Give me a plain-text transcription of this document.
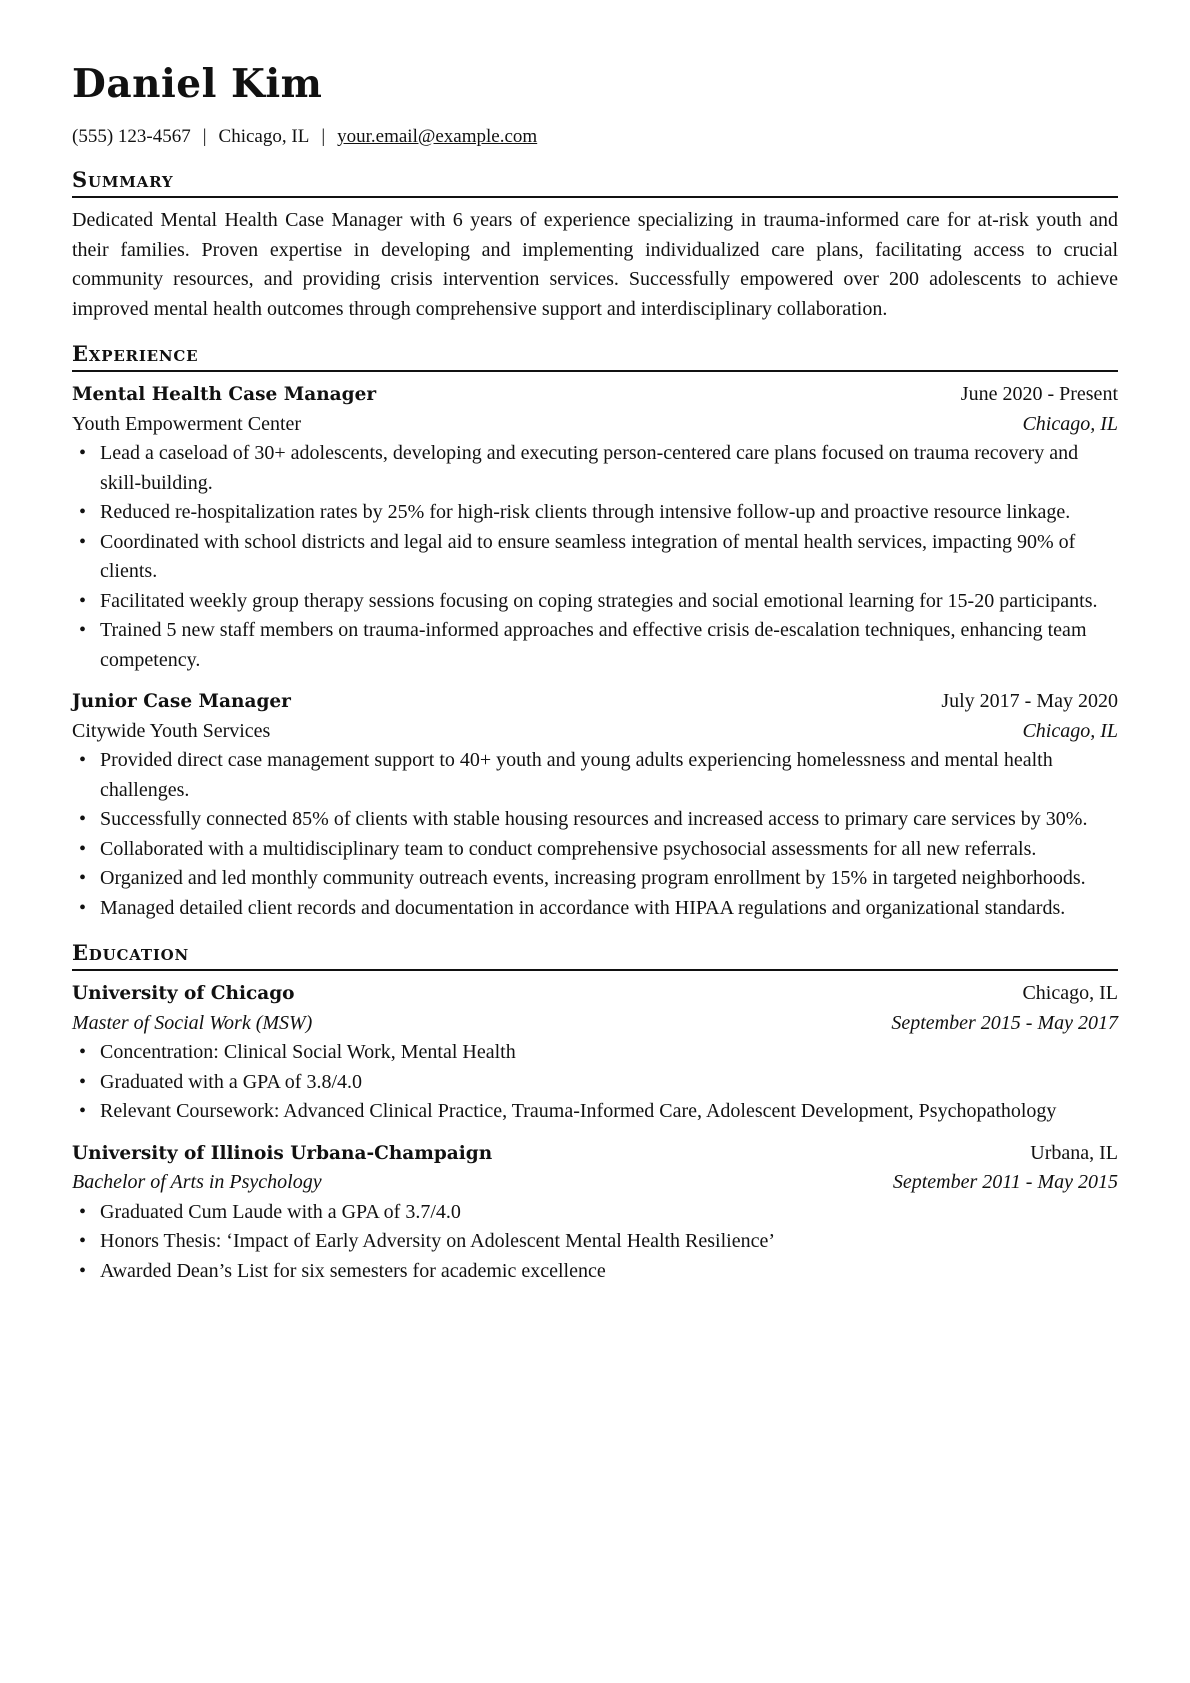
Daniel Kim
(555) 123-4567 | Chicago, IL | your.email@example.com
Summary

Dedicated Mental Health Case Manager with 6 years of experience specializing in trauma-informed care for at-risk youth and their families. Proven expertise in developing and implementing individualized care plans, facilitating access to crucial community resources, and providing crisis intervention services. Successfully empowered over 200 adolescents to achieve improved mental health outcomes through comprehensive support and interdisciplinary collaboration.

Experience
Mental Health Case Manager	June 2020 - Present
Youth Empowerment Center	Chicago, IL
• Lead a caseload of 30+ adolescents, developing and executing person-centered care plans focused on trauma recovery and skill-building.
• Reduced re-hospitalization rates by 25% for high-risk clients through intensive follow-up and proactive resource linkage.
• Coordinated with school districts and legal aid to ensure seamless integration of mental health services, impacting 90% of clients.
• Facilitated weekly group therapy sessions focusing on coping strategies and social emotional learning for 15-20 participants.
• Trained 5 new staff members on trauma-informed approaches and effective crisis de-escalation techniques, enhancing team competency.
Junior Case Manager	July 2017 - May 2020
Citywide Youth Services	Chicago, IL
• Provided direct case management support to 40+ youth and young adults experiencing homelessness and mental health challenges.
• Successfully connected 85% of clients with stable housing resources and increased access to primary care services by 30%.
• Collaborated with a multidisciplinary team to conduct comprehensive psychosocial assessments for all new referrals.
• Organized and led monthly community outreach events, increasing program enrollment by 15% in targeted neighborhoods.
• Managed detailed client records and documentation in accordance with HIPAA regulations and organizational standards.
Education
University of Chicago	Chicago, IL
Master of Social Work (MSW)	September 2015 - May 2017
• Concentration: Clinical Social Work, Mental Health
• Graduated with a GPA of 3.8/4.0
• Relevant Coursework: Advanced Clinical Practice, Trauma-Informed Care, Adolescent Development, Psychopathology
University of Illinois Urbana-Champaign	Urbana, IL
Bachelor of Arts in Psychology	September 2011 - May 2015
• Graduated Cum Laude with a GPA of 3.7/4.0
• Honors Thesis: ‘Impact of Early Adversity on Adolescent Mental Health Resilience’
• Awarded Dean’s List for six semesters for academic excellence
